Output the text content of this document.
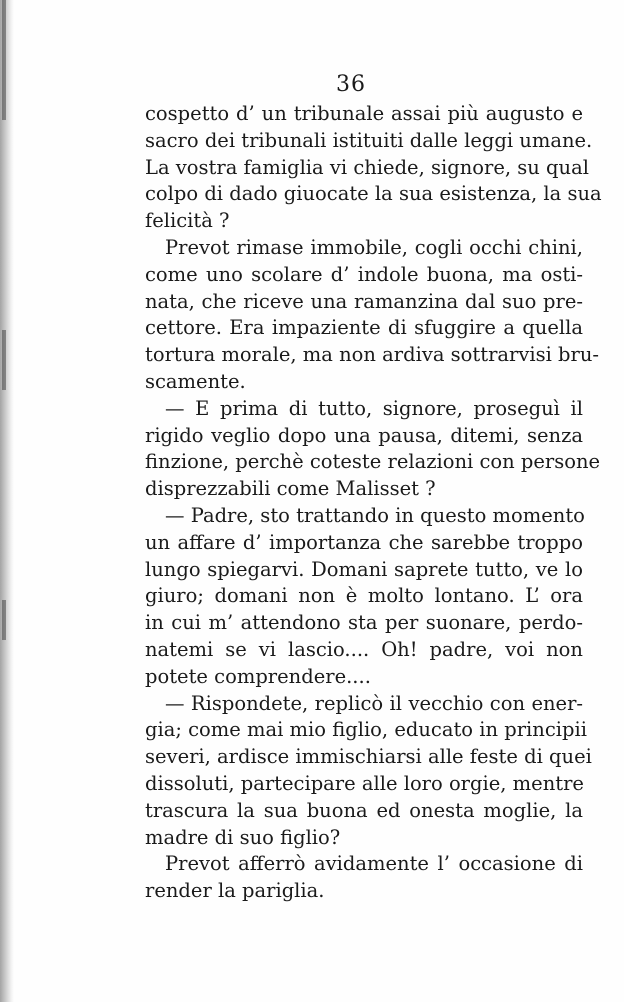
36
cospetto d’ un tribunale assai più augusto e
sacro dei tribunali istituiti dalle leggi umane.
La vostra famiglia vi chiede, signore, su qual
colpo di dado giuocate la sua esistenza, la sua
felicità ?
Prevot rimase immobile, cogli occhi chini,
come uno scolare d’ indole buona, ma osti-
nata, che riceve una ramanzina dal suo pre-
cettore. Era impaziente di sfuggire a quella
tortura morale, ma non ardiva sottrarvisi bru-
scamente.
— E prima di tutto, signore, proseguì il
rigido veglio dopo una pausa, ditemi, senza
finzione, perchè coteste relazioni con persone
disprezzabili come Malisset ?
— Padre, sto trattando in questo momento
un affare d’ importanza che sarebbe troppo
lungo spiegarvi. Domani saprete tutto, ve lo
giuro; domani non è molto lontano. L’ ora
in cui m’ attendono sta per suonare, perdo-
natemi se vi lascio.... Oh! padre, voi non
potete comprendere....
— Rispondete, replicò il vecchio con ener-
gia; come mai mio figlio, educato in principii
severi, ardisce immischiarsi alle feste di quei
dissoluti, partecipare alle loro orgie, mentre
trascura la sua buona ed onesta moglie, la
madre di suo figlio?
Prevot afferrò avidamente l’ occasione di
render la pariglia.
